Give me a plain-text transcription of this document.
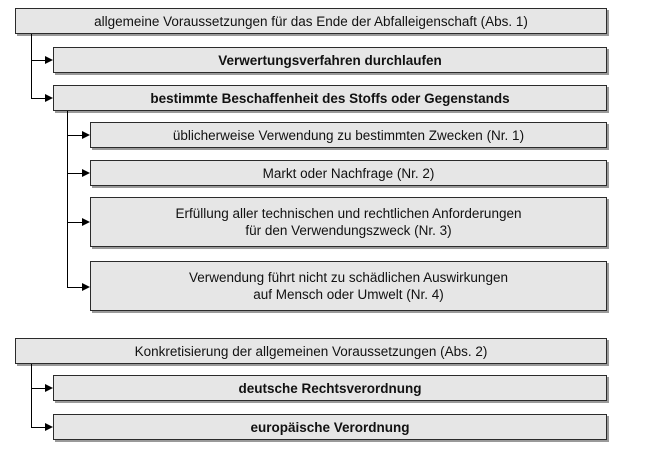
allgemeine Voraussetzungen für das Ende der Abfalleigenschaft (Abs. 1)
Verwertungsverfahren durchlaufen
bestimmte Beschaffenheit des Stoffs oder Gegenstands
üblicherweise Verwendung zu bestimmten Zwecken (Nr. 1)
Markt oder Nachfrage (Nr. 2)
Erfüllung aller technischen und rechtlichen Anforderungen
für den Verwendungszweck (Nr. 3)
Verwendung führt nicht zu schädlichen Auswirkungen
auf Mensch oder Umwelt (Nr. 4)
Konkretisierung der allgemeinen Voraussetzungen (Abs. 2)
deutsche Rechtsverordnung
europäische Verordnung
